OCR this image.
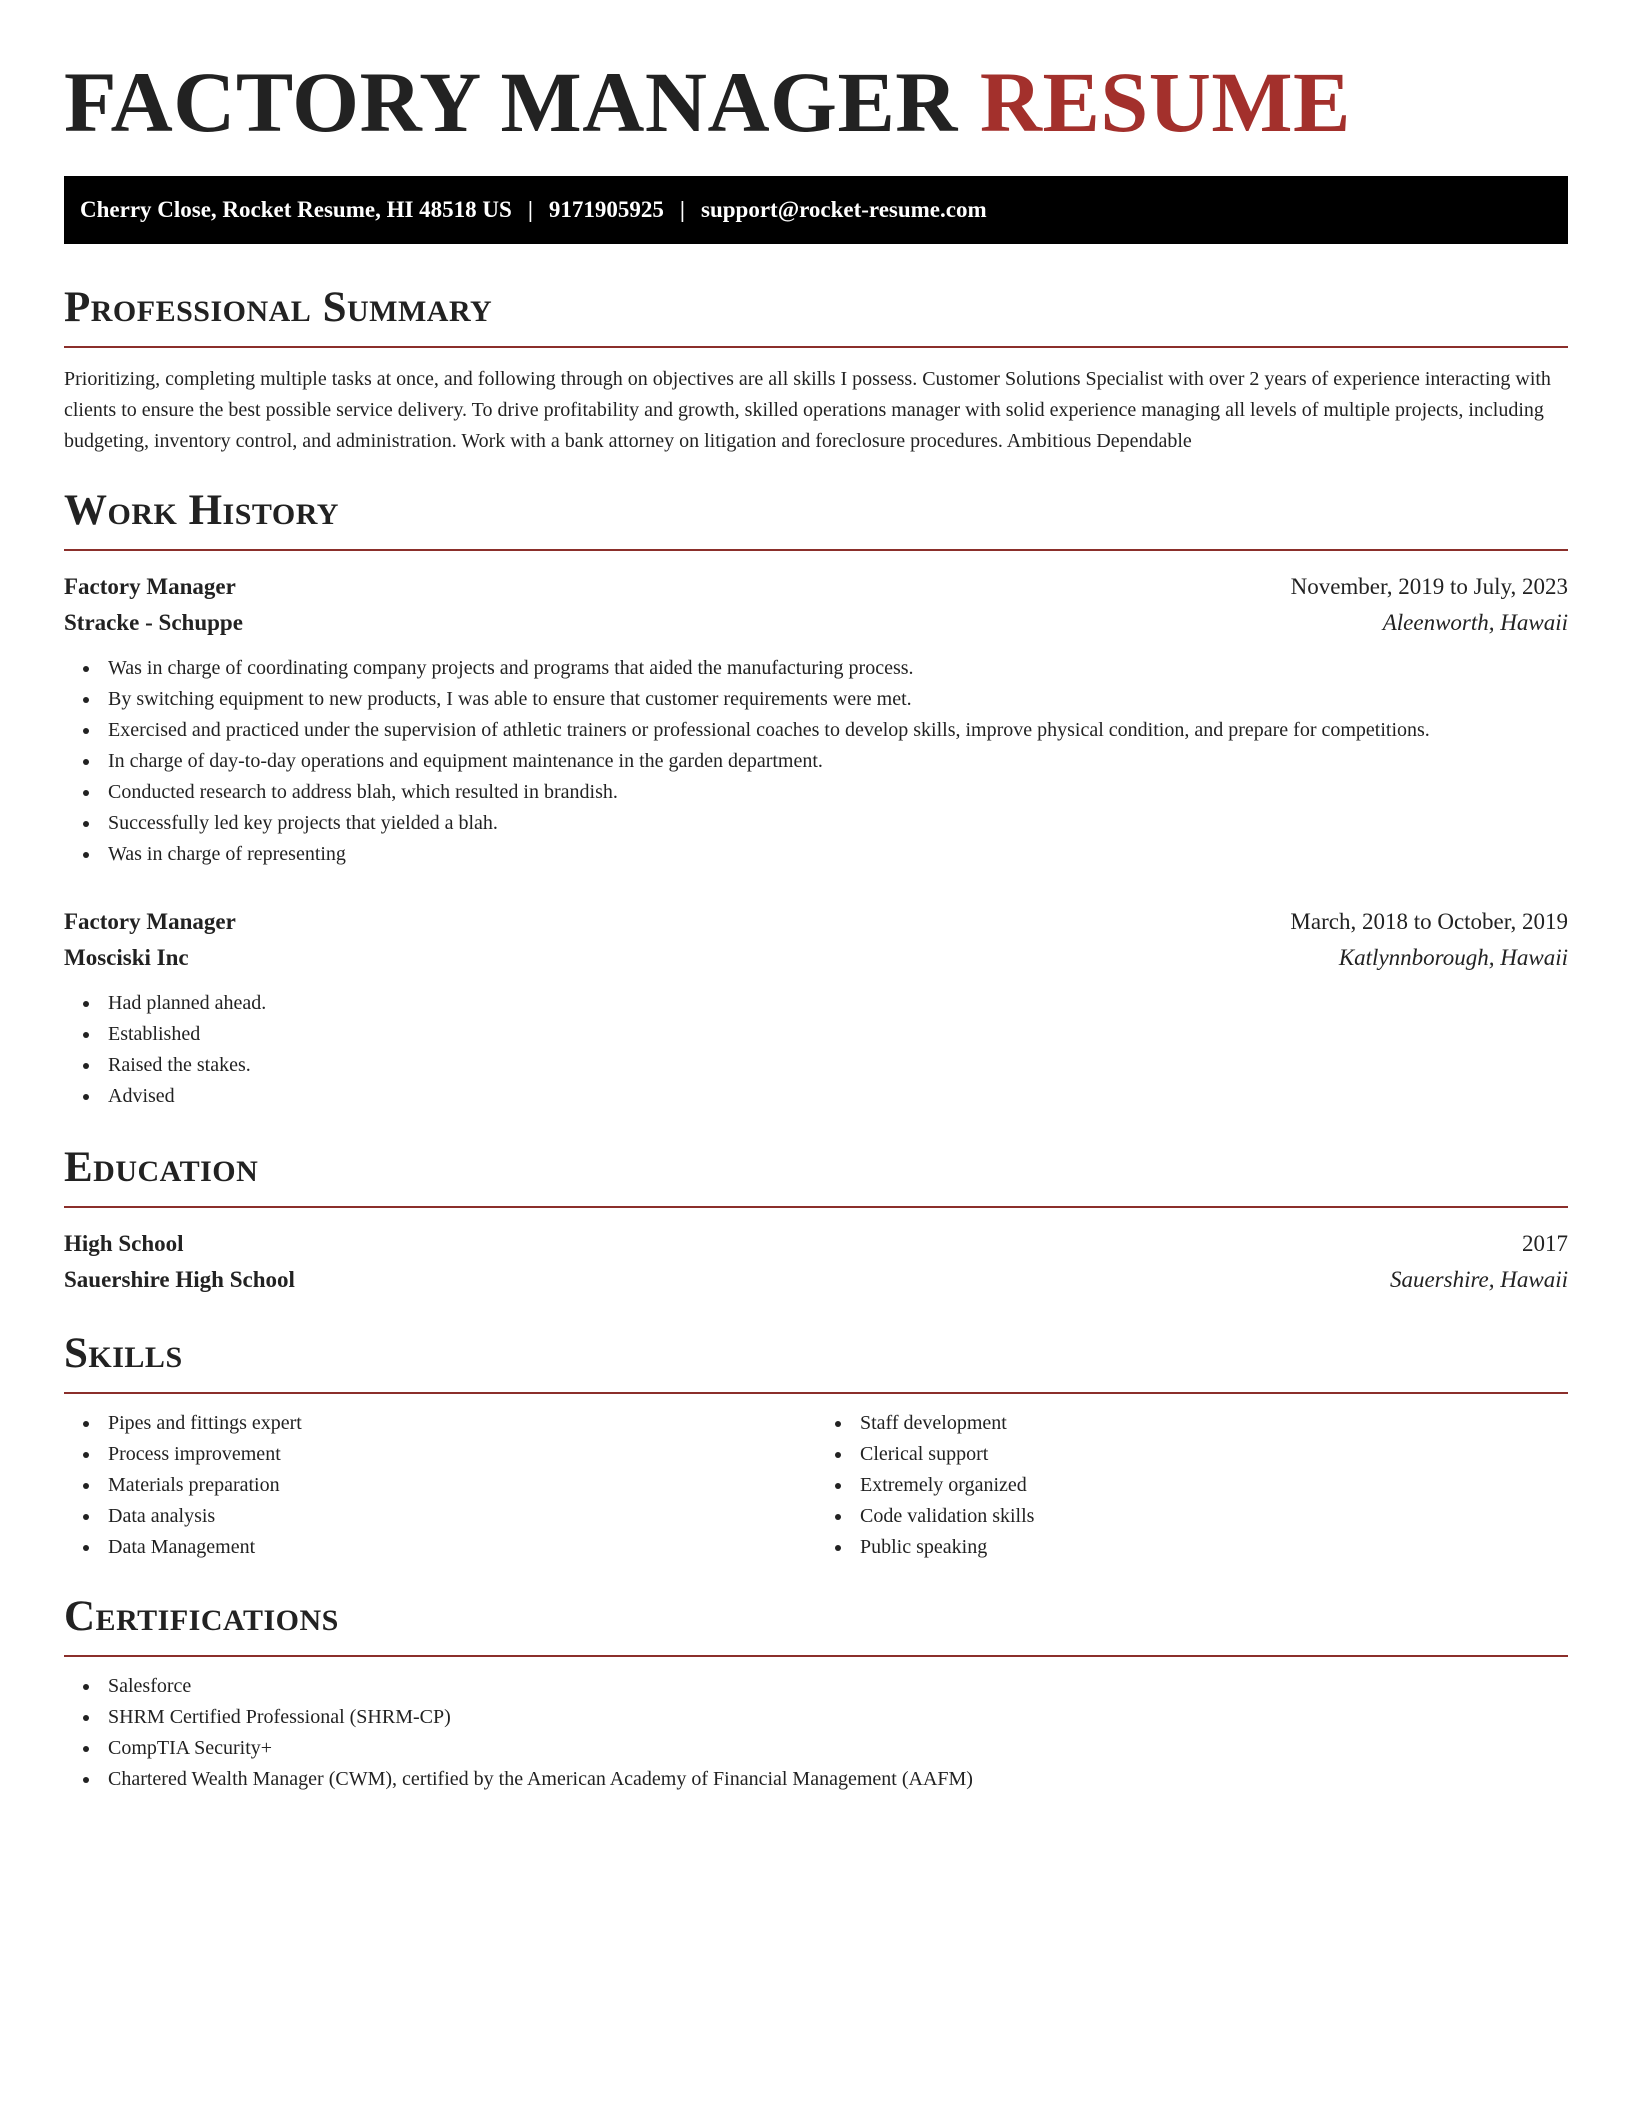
FACTORY MANAGER RESUME
Cherry Close, Rocket Resume, HI 48518 US | 9171905925 | support@rocket-resume.com
Professional Summary

Prioritizing, completing multiple tasks at once, and following through on objectives are all skills I possess. Customer Solutions Specialist with over 2 years of experience interacting with clients to ensure the best possible service delivery. To drive profitability and growth, skilled operations manager with solid experience managing all levels of multiple projects, including budgeting, inventory control, and administration. Work with a bank attorney on litigation and foreclosure procedures. Ambitious Dependable

Work History
Factory Manager	November, 2019 to July, 2023
Stracke - Schuppe	Aleenworth, Hawaii
Was in charge of coordinating company projects and programs that aided the manufacturing process.
By switching equipment to new products, I was able to ensure that customer requirements were met.
Exercised and practiced under the supervision of athletic trainers or professional coaches to develop skills, improve physical condition, and prepare for competitions.
In charge of day-to-day operations and equipment maintenance in the garden department.
Conducted research to address blah, which resulted in brandish.
Successfully led key projects that yielded a blah.
Was in charge of representing
Factory Manager	March, 2018 to October, 2019
Mosciski Inc	Katlynnborough, Hawaii
Had planned ahead.
Established
Raised the stakes.
Advised
Education
High School	2017
Sauershire High School	Sauershire, Hawaii
Skills
Pipes and fittings expert
Process improvement
Materials preparation
Data analysis
Data Management
Staff development
Clerical support
Extremely organized
Code validation skills
Public speaking
Certifications
Salesforce
SHRM Certified Professional (SHRM-CP)
CompTIA Security+
Chartered Wealth Manager (CWM), certified by the American Academy of Financial Management (AAFM)
